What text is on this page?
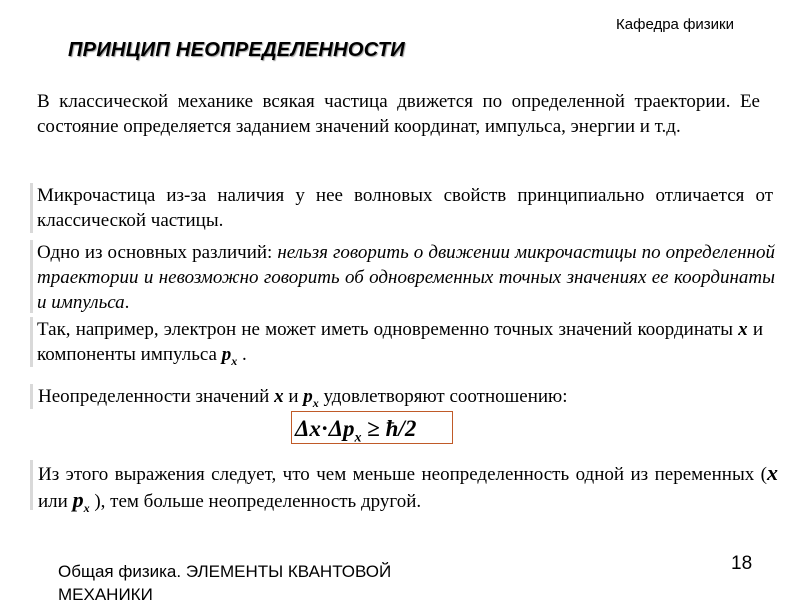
Кафедра физики
ПРИНЦИП НЕОПРЕДЕЛЕННОСТИ
В классической механике всякая частица движется по определенной траектории. Ее состояние определяется заданием значений координат, импульса, энергии и т.д.
Микрочастица из-за наличия у нее волновых свойств принципиально отличается от классической частицы.
Одно из основных различий: нельзя говорить о движении микрочастицы по определенной траектории и невозможно говорить об одновременных точных значениях ее координаты и импульса.
Так, например, электрон не может иметь одновременно точных значений координаты x и компоненты импульса $p_x$ .
Неопределенности значений x и $p_x$ удовлетворяют соотношению:
$\Delta x\cdot\Delta p_x$ ≥ ħ/2
Из этого выражения следует, что чем меньше неопределенность одной из переменных (x или $p_x$ ), тем больше неопределенность другой.
Общая физика. ЭЛЕМЕНТЫ КВАНТОВОЙ МЕХАНИКИ
18
